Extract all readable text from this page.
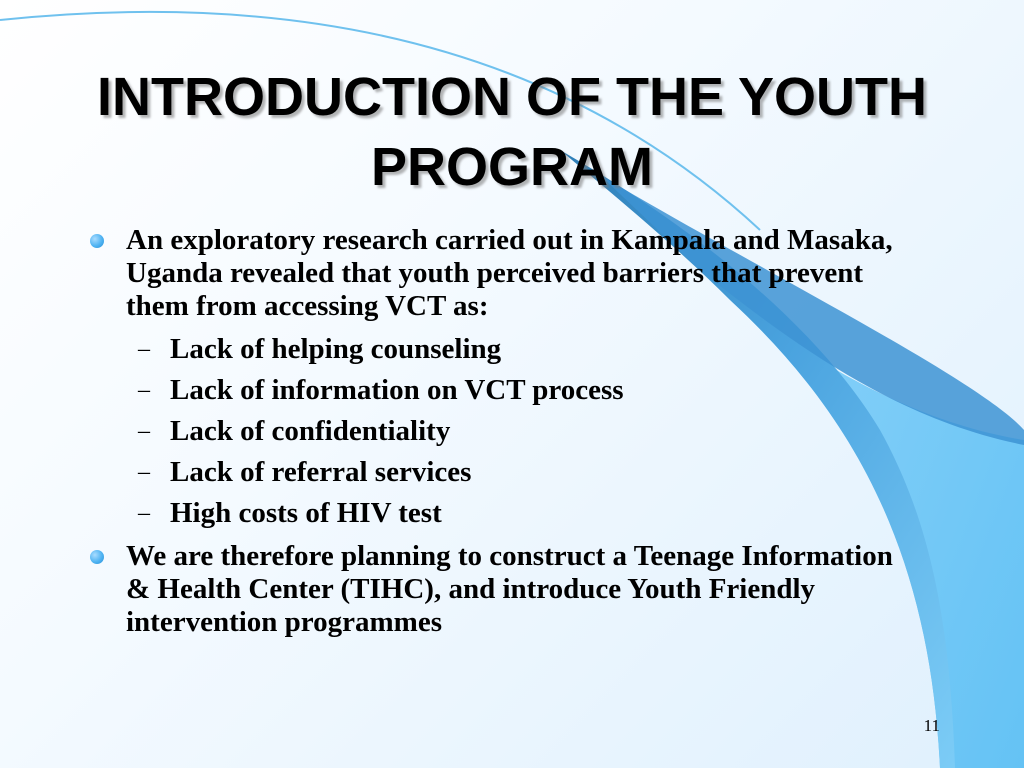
INTRODUCTION OF THE YOUTH PROGRAM
An exploratory research carried out in Kampala and Masaka, Uganda revealed that youth perceived barriers that prevent them from accessing VCT as:
– Lack of helping counseling
– Lack of information on VCT process
– Lack of confidentiality
– Lack of referral services
– High costs of HIV test
We are therefore planning to construct a Teenage Information & Health Center (TIHC), and introduce Youth Friendly intervention programmes
11
